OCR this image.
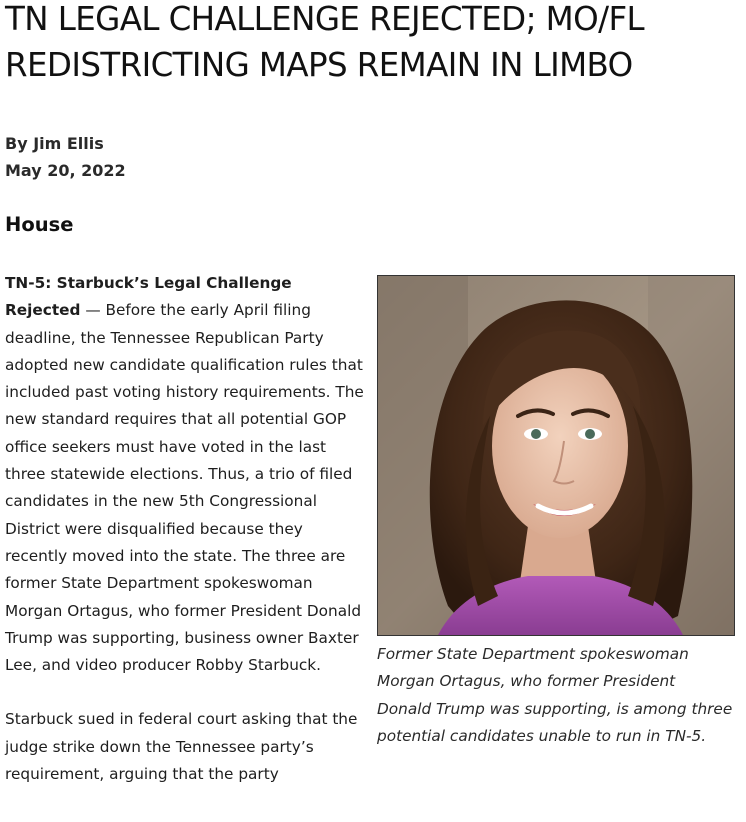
TN LEGAL CHALLENGE REJECTED; MO/FL REDISTRICTING MAPS REMAIN IN LIMBO
By Jim Ellis
May 20, 2022
House

TN-5: Starbuck’s Legal Challenge Rejected — Before the early April filing deadline, the Tennessee Republican Party adopted new candidate qualification rules that included past voting history requirements. The new standard requires that all potential GOP office seekers must have voted in the last three statewide elections. Thus, a trio of filed candidates in the new 5th Congressional District were disqualified because they recently moved into the state. The three are former State Department spokeswoman Morgan Ortagus, who former President Donald Trump was supporting, business owner Baxter Lee, and video producer Robby Starbuck.

Starbuck sued in federal court asking that the judge strike down the Tennessee party’s requirement, arguing that the party

Former State Department spokeswoman Morgan Ortagus, who former President Donald Trump was supporting, is among three potential candidates unable to run in TN-5.
